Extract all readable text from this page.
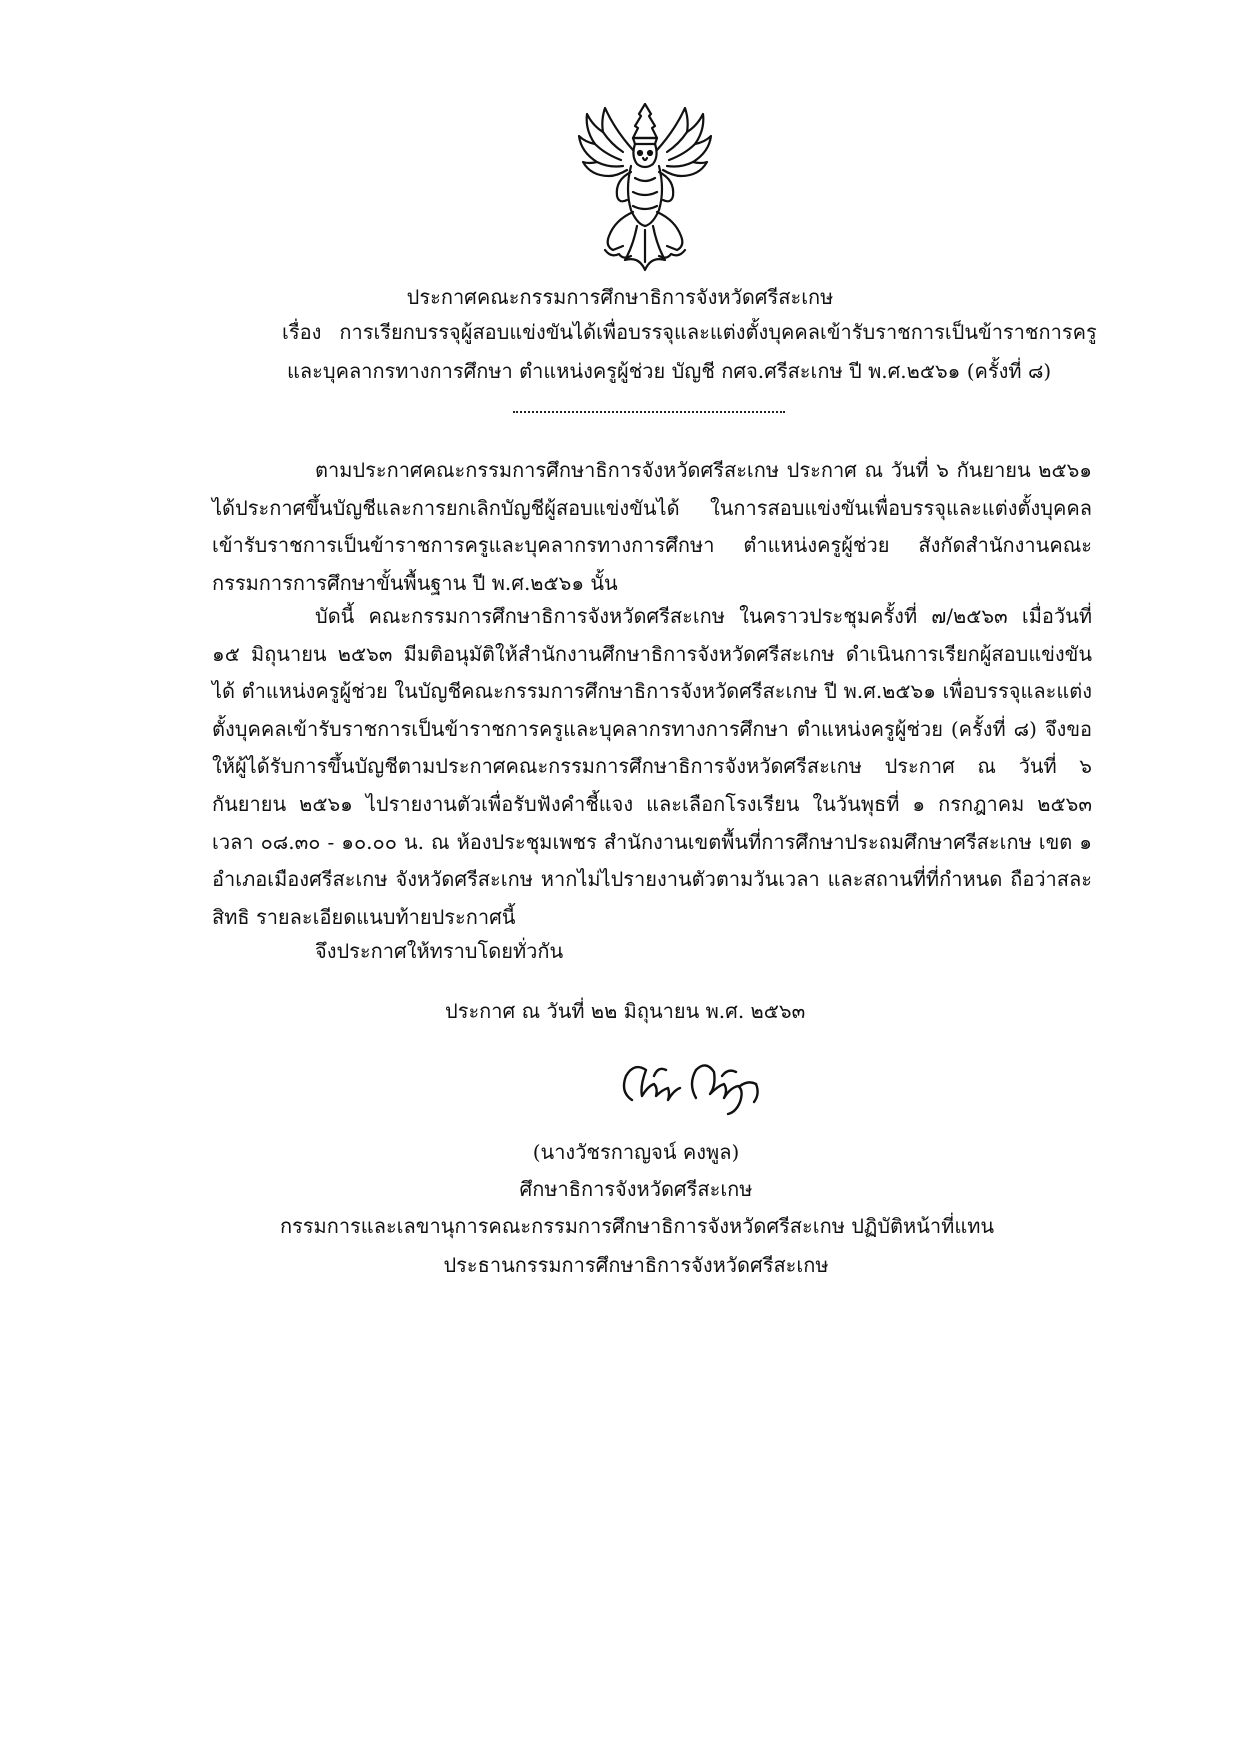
ประกาศคณะกรรมการศึกษาธิการจังหวัดศรีสะเกษ
เรื่อง การเรียกบรรจุผู้สอบแข่งขันได้เพื่อบรรจุและแต่งตั้งบุคคลเข้ารับราชการเป็นข้าราชการครู
และบุคลากรทางการศึกษา ตำแหน่งครูผู้ช่วย บัญชี กศจ.ศรีสะเกษ ปี พ.ศ.๒๕๖๑ (ครั้งที่ ๘)

ตามประกาศคณะกรรมการศึกษาธิการจังหวัดศรีสะเกษ ประกาศ ณ วันที่ ๖ กันยายน ๒๕๖๑ ได้ประกาศขึ้นบัญชีและการยกเลิกบัญชีผู้สอบแข่งขันได้ ในการสอบแข่งขันเพื่อบรรจุและแต่งตั้งบุคคลเข้ารับราชการเป็นข้าราชการครูและบุคลากรทางการศึกษา ตำแหน่งครูผู้ช่วย สังกัดสำนักงานคณะกรรมการการศึกษาขั้นพื้นฐาน ปี พ.ศ.๒๕๖๑ นั้น

บัดนี้ คณะกรรมการศึกษาธิการจังหวัดศรีสะเกษ ในคราวประชุมครั้งที่ ๗/๒๕๖๓ เมื่อวันที่ ๑๕ มิถุนายน ๒๕๖๓ มีมติอนุมัติให้สำนักงานศึกษาธิการจังหวัดศรีสะเกษ ดำเนินการเรียกผู้สอบแข่งขันได้ ตำแหน่งครูผู้ช่วย ในบัญชีคณะกรรมการศึกษาธิการจังหวัดศรีสะเกษ ปี พ.ศ.๒๕๖๑ เพื่อบรรจุและแต่งตั้งบุคคลเข้ารับราชการเป็นข้าราชการครูและบุคลากรทางการศึกษา ตำแหน่งครูผู้ช่วย (ครั้งที่ ๘) จึงขอให้ผู้ได้รับการขึ้นบัญชีตามประกาศคณะกรรมการศึกษาธิการจังหวัดศรีสะเกษ ประกาศ ณ วันที่ ๖ กันยายน ๒๕๖๑ ไปรายงานตัวเพื่อรับฟังคำชี้แจง และเลือกโรงเรียน ในวันพุธที่ ๑ กรกฎาคม ๒๕๖๓ เวลา ๐๘.๓๐ - ๑๐.๐๐ น. ณ ห้องประชุมเพชร สำนักงานเขตพื้นที่การศึกษาประถมศึกษาศรีสะเกษ เขต ๑ อำเภอเมืองศรีสะเกษ จังหวัดศรีสะเกษ หากไม่ไปรายงานตัวตามวันเวลา และสถานที่ที่กำหนด ถือว่าสละสิทธิ รายละเอียดแนบท้ายประกาศนี้

จึงประกาศให้ทราบโดยทั่วกัน
ประกาศ ณ วันที่ ๒๒ มิถุนายน พ.ศ. ๒๕๖๓
(นางวัชรกาญจน์ คงพูล)
ศึกษาธิการจังหวัดศรีสะเกษ
กรรมการและเลขานุการคณะกรรมการศึกษาธิการจังหวัดศรีสะเกษ ปฏิบัติหน้าที่แทน
ประธานกรรมการศึกษาธิการจังหวัดศรีสะเกษ
